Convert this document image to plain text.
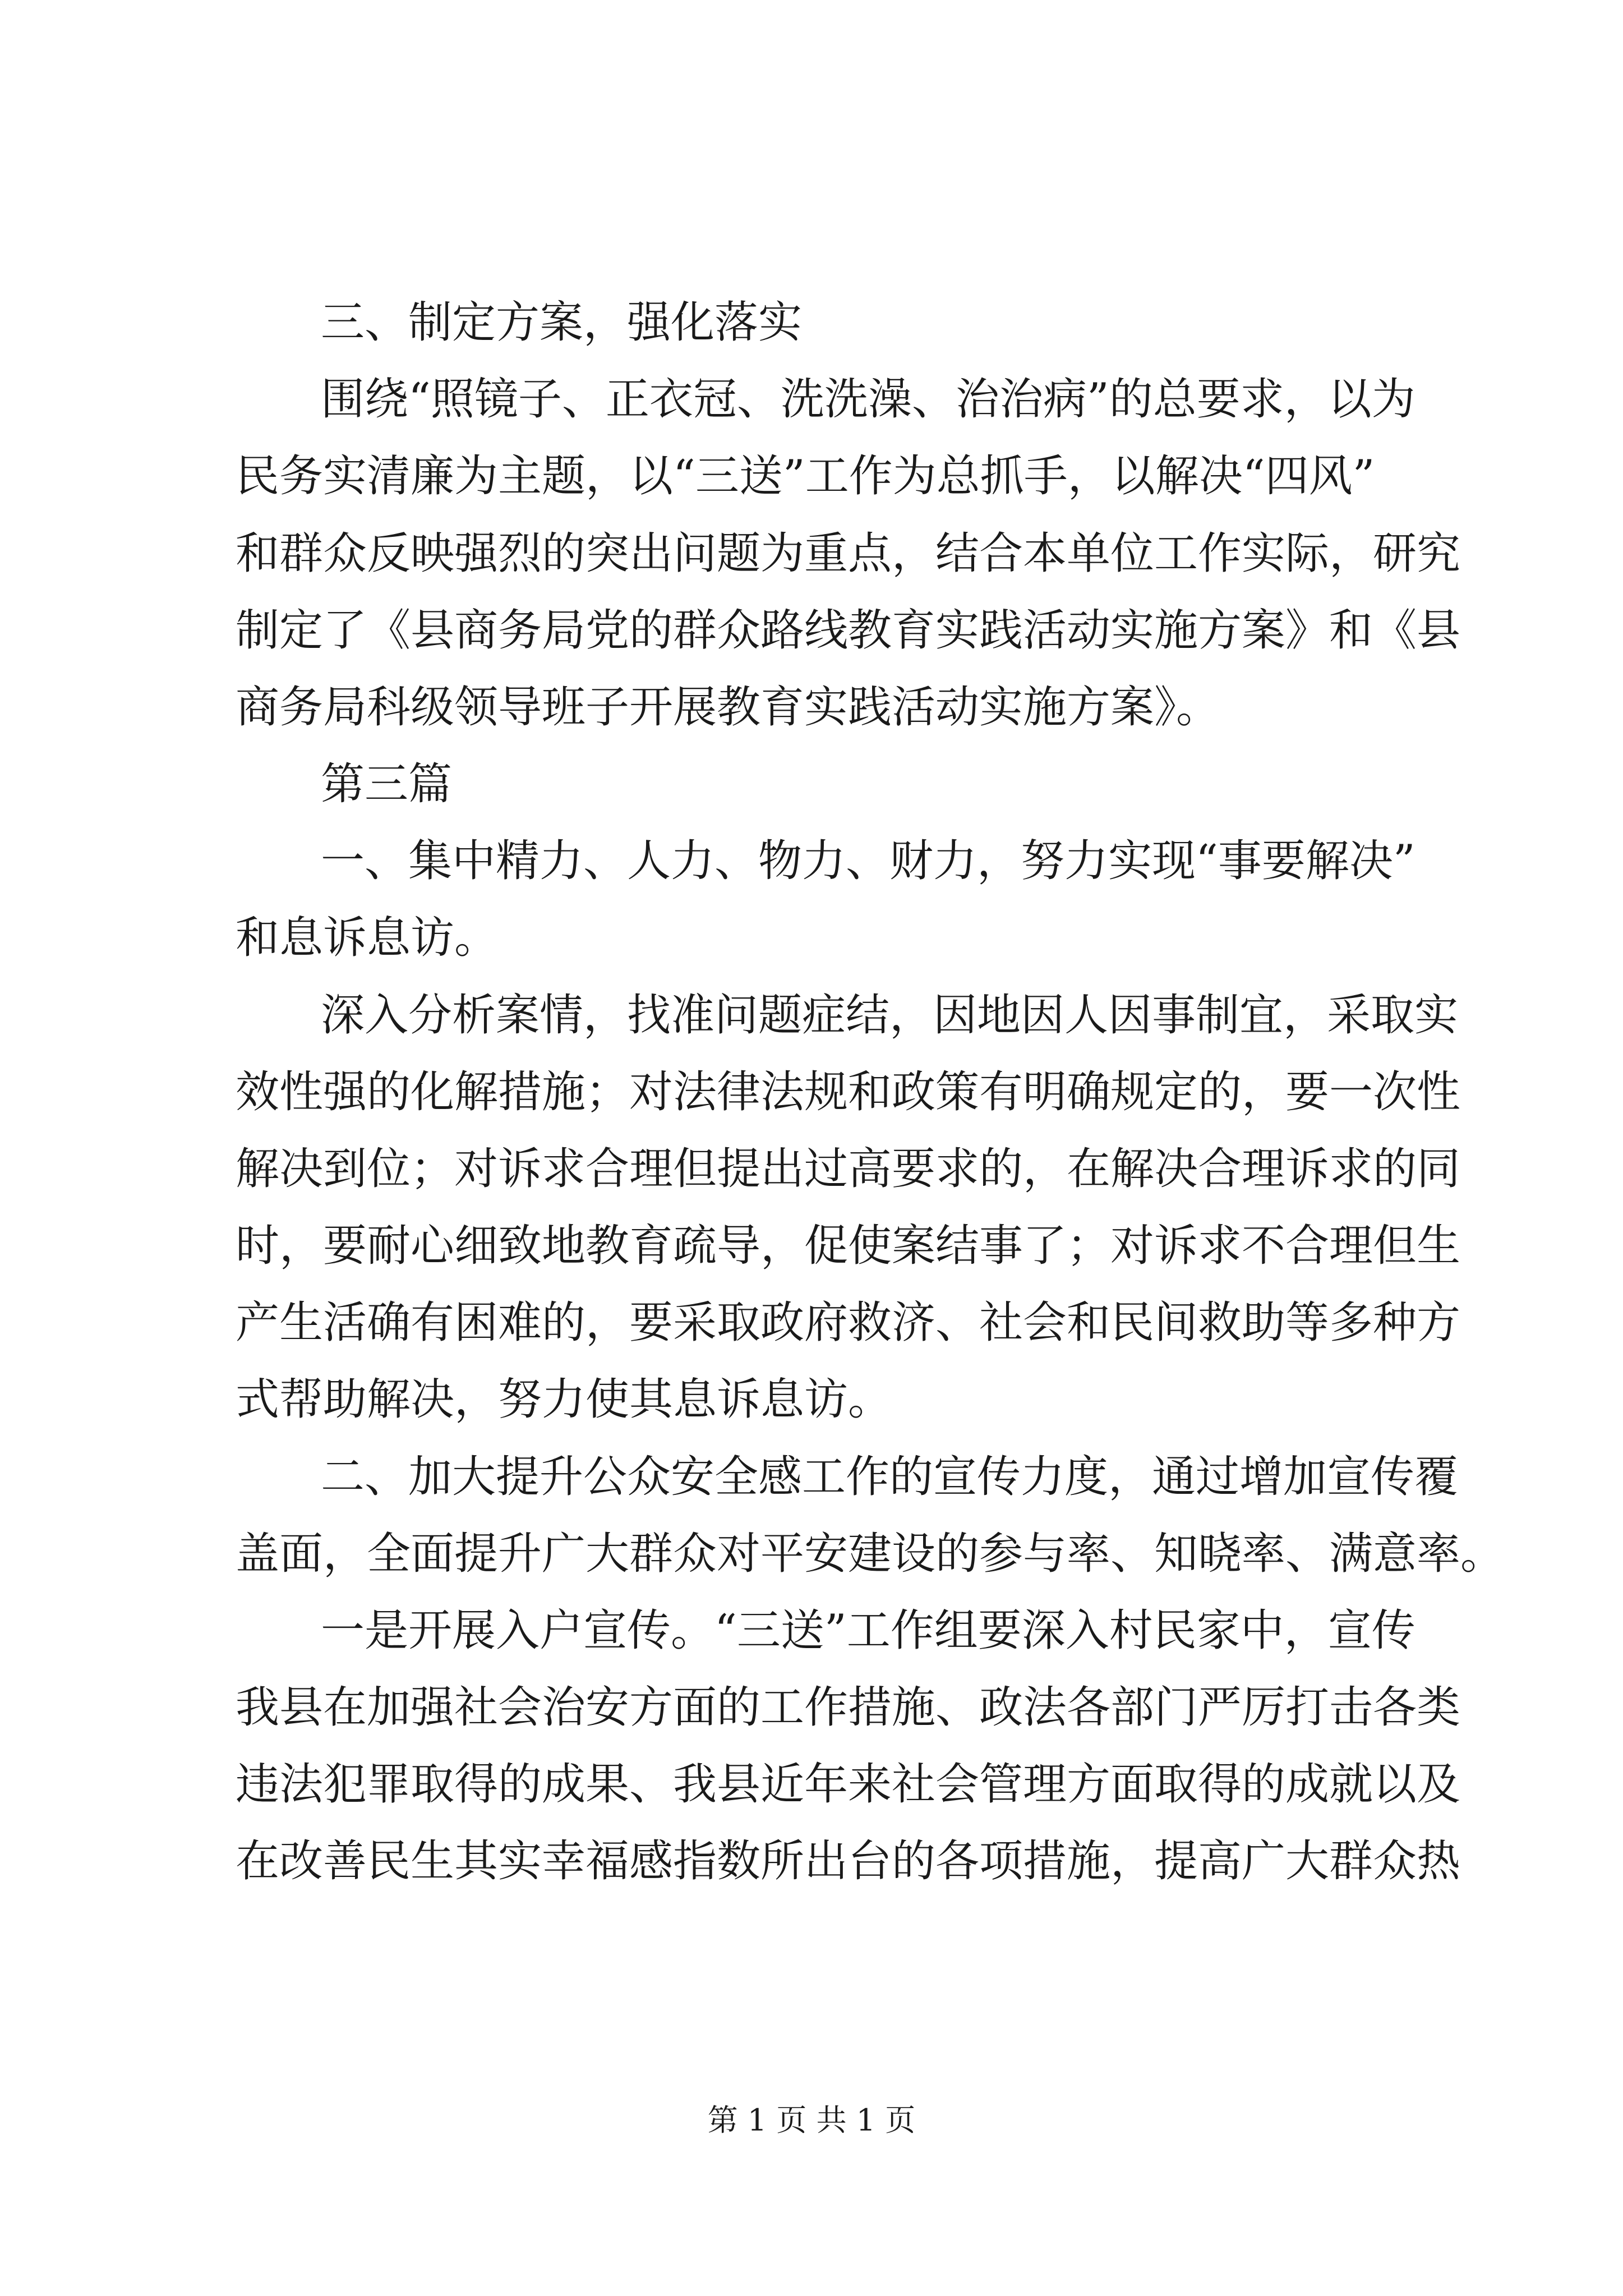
三、制定方案，强化落实
围绕“照镜子、正衣冠、洗洗澡、治治病”的总要求，以为
民务实清廉为主题，以“三送”工作为总抓手，以解决“四风”
和群众反映强烈的突出问题为重点，结合本单位工作实际，研究
制定了《县商务局党的群众路线教育实践活动实施方案》和《县
商务局科级领导班子开展教育实践活动实施方案》。
第三篇
一、集中精力、人力、物力、财力，努力实现“事要解决”
和息诉息访。
深入分析案情，找准问题症结，因地因人因事制宜，采取实
效性强的化解措施；对法律法规和政策有明确规定的，要一次性
解决到位；对诉求合理但提出过高要求的，在解决合理诉求的同
时，要耐心细致地教育疏导，促使案结事了；对诉求不合理但生
产生活确有困难的，要采取政府救济、社会和民间救助等多种方
式帮助解决，努力使其息诉息访。
二、加大提升公众安全感工作的宣传力度，通过增加宣传覆
盖面，全面提升广大群众对平安建设的参与率、知晓率、满意率。
一是开展入户宣传。“三送”工作组要深入村民家中，宣传
我县在加强社会治安方面的工作措施、政法各部门严厉打击各类
违法犯罪取得的成果、我县近年来社会管理方面取得的成就以及
在改善民生其实幸福感指数所出台的各项措施，提高广大群众热
第 1 页 共 1 页
